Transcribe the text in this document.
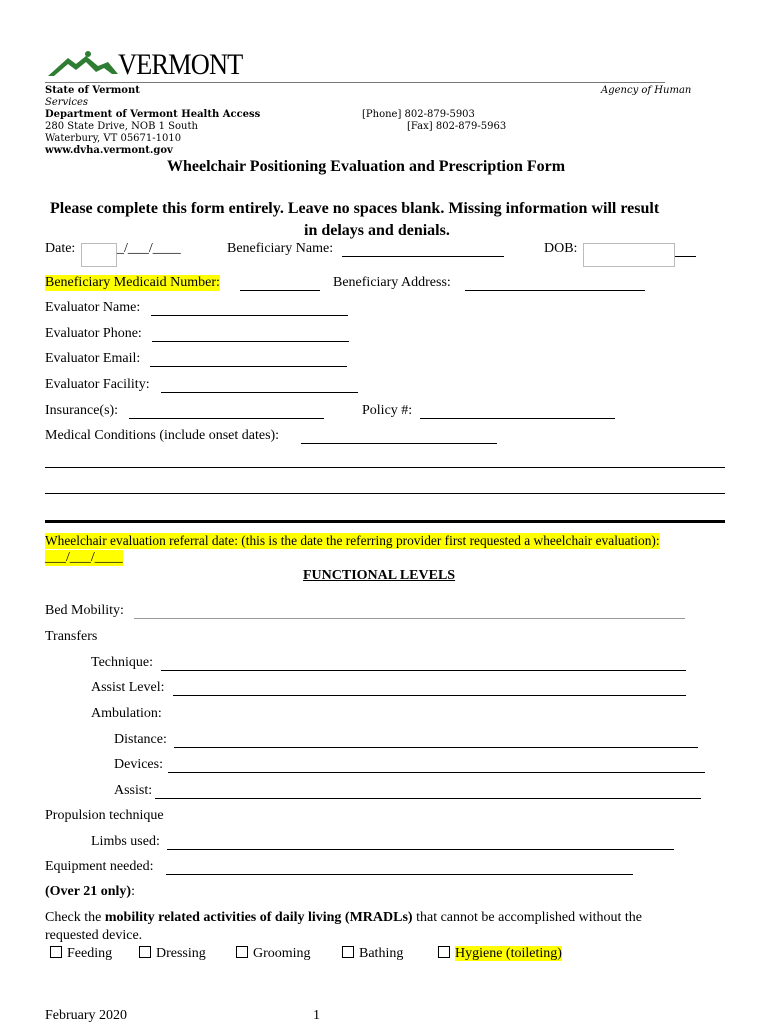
VERMONT
State of Vermont	Agency of Human
Services
Department of Vermont Health Access	[Phone] 802-879-5903
280 State Drive, NOB 1 South	[Fax] 802-879-5963
Waterbury, VT 05671-1010
www.dvha.vermont.gov
Wheelchair Positioning Evaluation and Prescription Form
Please complete this form entirely. Leave no spaces blank. Missing information will result
in delays and denials.
Date:	_/___/____	Beneficiary Name:	DOB:
Beneficiary Medicaid Number:	Beneficiary Address:
Evaluator Name:
Evaluator Phone:
Evaluator Email:
Evaluator Facility:
Insurance(s):	Policy #:
Medical Conditions (include onset dates):
Wheelchair evaluation referral date: (this is the date the referring provider first requested a wheelchair evaluation):
___/___/____
FUNCTIONAL LEVELS
Bed Mobility:
Transfers
Technique:
Assist Level:
Ambulation:
Distance:
Devices:
Assist:
Propulsion technique
Limbs used:
Equipment needed:
(Over 21 only):
Check the mobility related activities of daily living (MRADLs) that cannot be accomplished without the
requested device.
Feeding	Dressing	Grooming	Bathing	Hygiene (toileting)
February 2020	1
